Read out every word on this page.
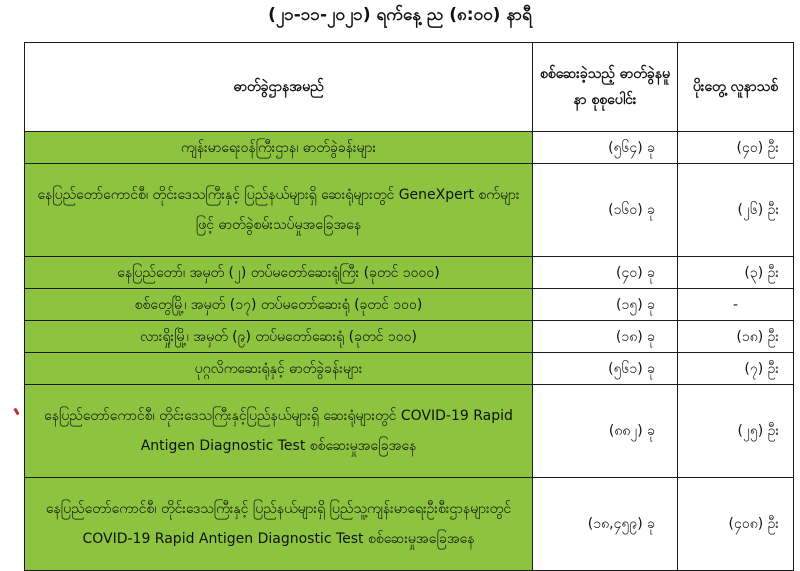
(၂၁-၁၁-၂၀၂၁) ရက်နေ့ ည (၈:၀၀) နာရီ
ဓာတ်ခွဲဌာနအမည်	စစ်ဆေးခဲ့သည့် ဓာတ်ခွဲနမူနာ စုစုပေါင်း	ပိုးတွေ့ လူနာသစ်
ကျန်းမာရေးဝန်ကြီးဌာန၊ ဓာတ်ခွဲခန်းများ	(၅၆၄) ခု	(၄၀) ဦး
နေပြည်တော်ကောင်စီ၊ တိုင်းဒေသကြီးနှင့် ပြည်နယ်များရှိ ဆေးရုံများတွင် GeneXpert စက်များဖြင့် ဓာတ်ခွဲစမ်းသပ်မှုအခြေအနေ	(၁၆၀) ခု	(၂၆) ဦး
နေပြည်တော်၊ အမှတ် (၂) တပ်မတော်ဆေးရုံကြီး (ခုတင် ၁၀၀၀)	(၄၀) ခု	(၃) ဦး
စစ်တွေမြို့၊ အမှတ် (၁၇) တပ်မတော်ဆေးရုံ (ခုတင် ၁၀၀)	(၁၅) ခု	-
လားရှိုးမြို့၊ အမှတ် (၉) တပ်မတော်ဆေးရုံ (ခုတင် ၁၀၀)	(၁၈) ခု	(၁၈) ဦး
ပုဂ္ဂလိကဆေးရုံနှင့် ဓာတ်ခွဲခန်းများ	(၅၆၁) ခု	(၇) ဦး
နေပြည်တော်ကောင်စီ၊ တိုင်းဒေသကြီးနှင့်ပြည်နယ်များရှိ ဆေးရုံများတွင် COVID-19 Rapid Antigen Diagnostic Test စစ်ဆေးမှုအခြေအနေ	(၈၈၂) ခု	(၂၅) ဦး
နေပြည်တော်ကောင်စီ၊ တိုင်းဒေသကြီးနှင့် ပြည်နယ်များရှိ ပြည်သူ့ကျန်းမာရေးဦးစီးဌာနများတွင် COVID-19 Rapid Antigen Diagnostic Test စစ်ဆေးမှုအခြေအနေ	(၁၈,၄၅၉) ခု	(၄၀၈) ဦး
